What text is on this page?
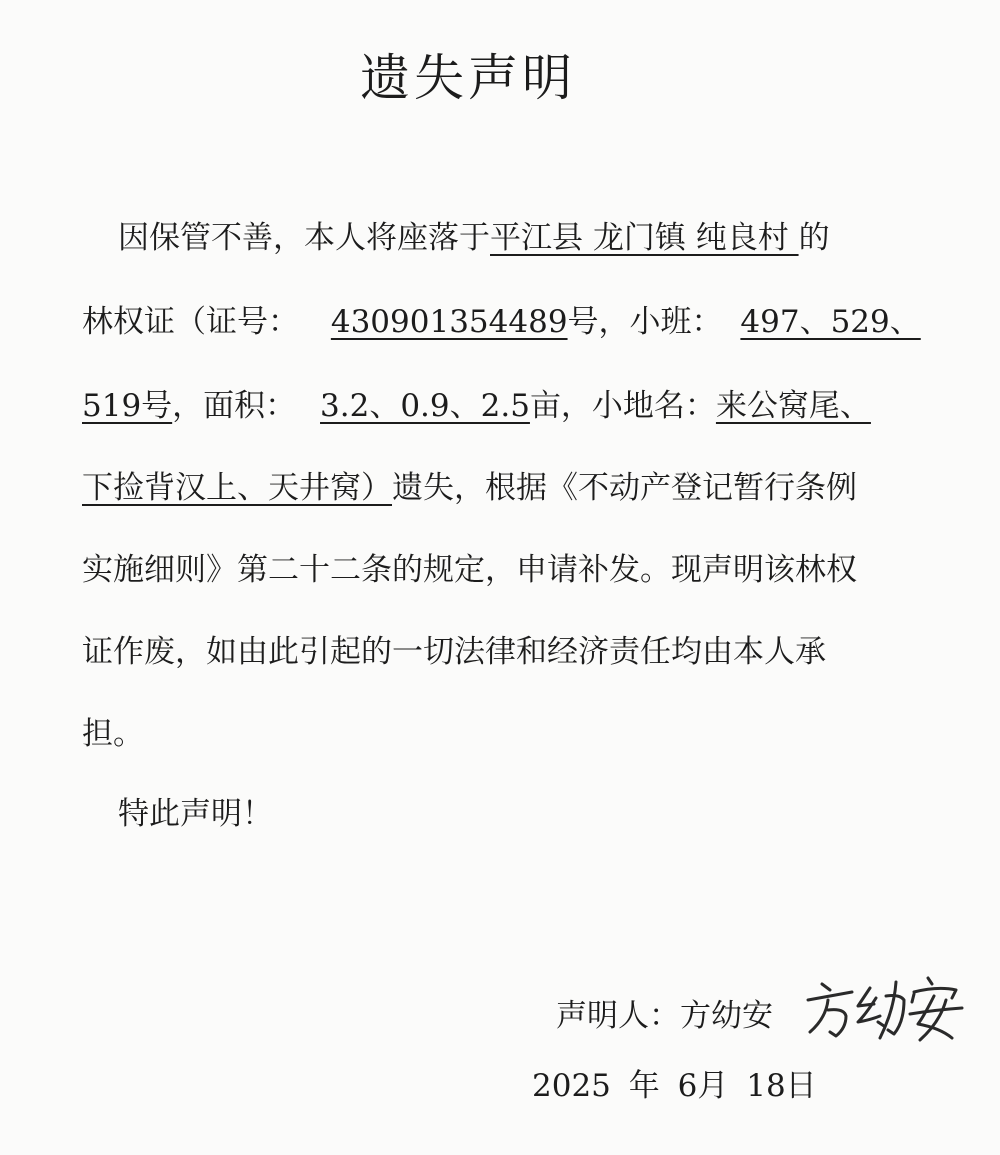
遗失声明
因保管不善，本人将座落于平江县 龙门镇 纯良村 的
林权证（证号： 430901354489号，小班： 497、529、
519号，面积： 3.2、0.9、2.5亩，小地名：来公窝尾、
下捡背汉上、天井窝）遗失，根据《不动产登记暂行条例
实施细则》第二十二条的规定，申请补发。现声明该林权
证作废，如由此引起的一切法律和经济责任均由本人承
担。
特此声明！
声明人：方幼安
2025 年 6月 18日
